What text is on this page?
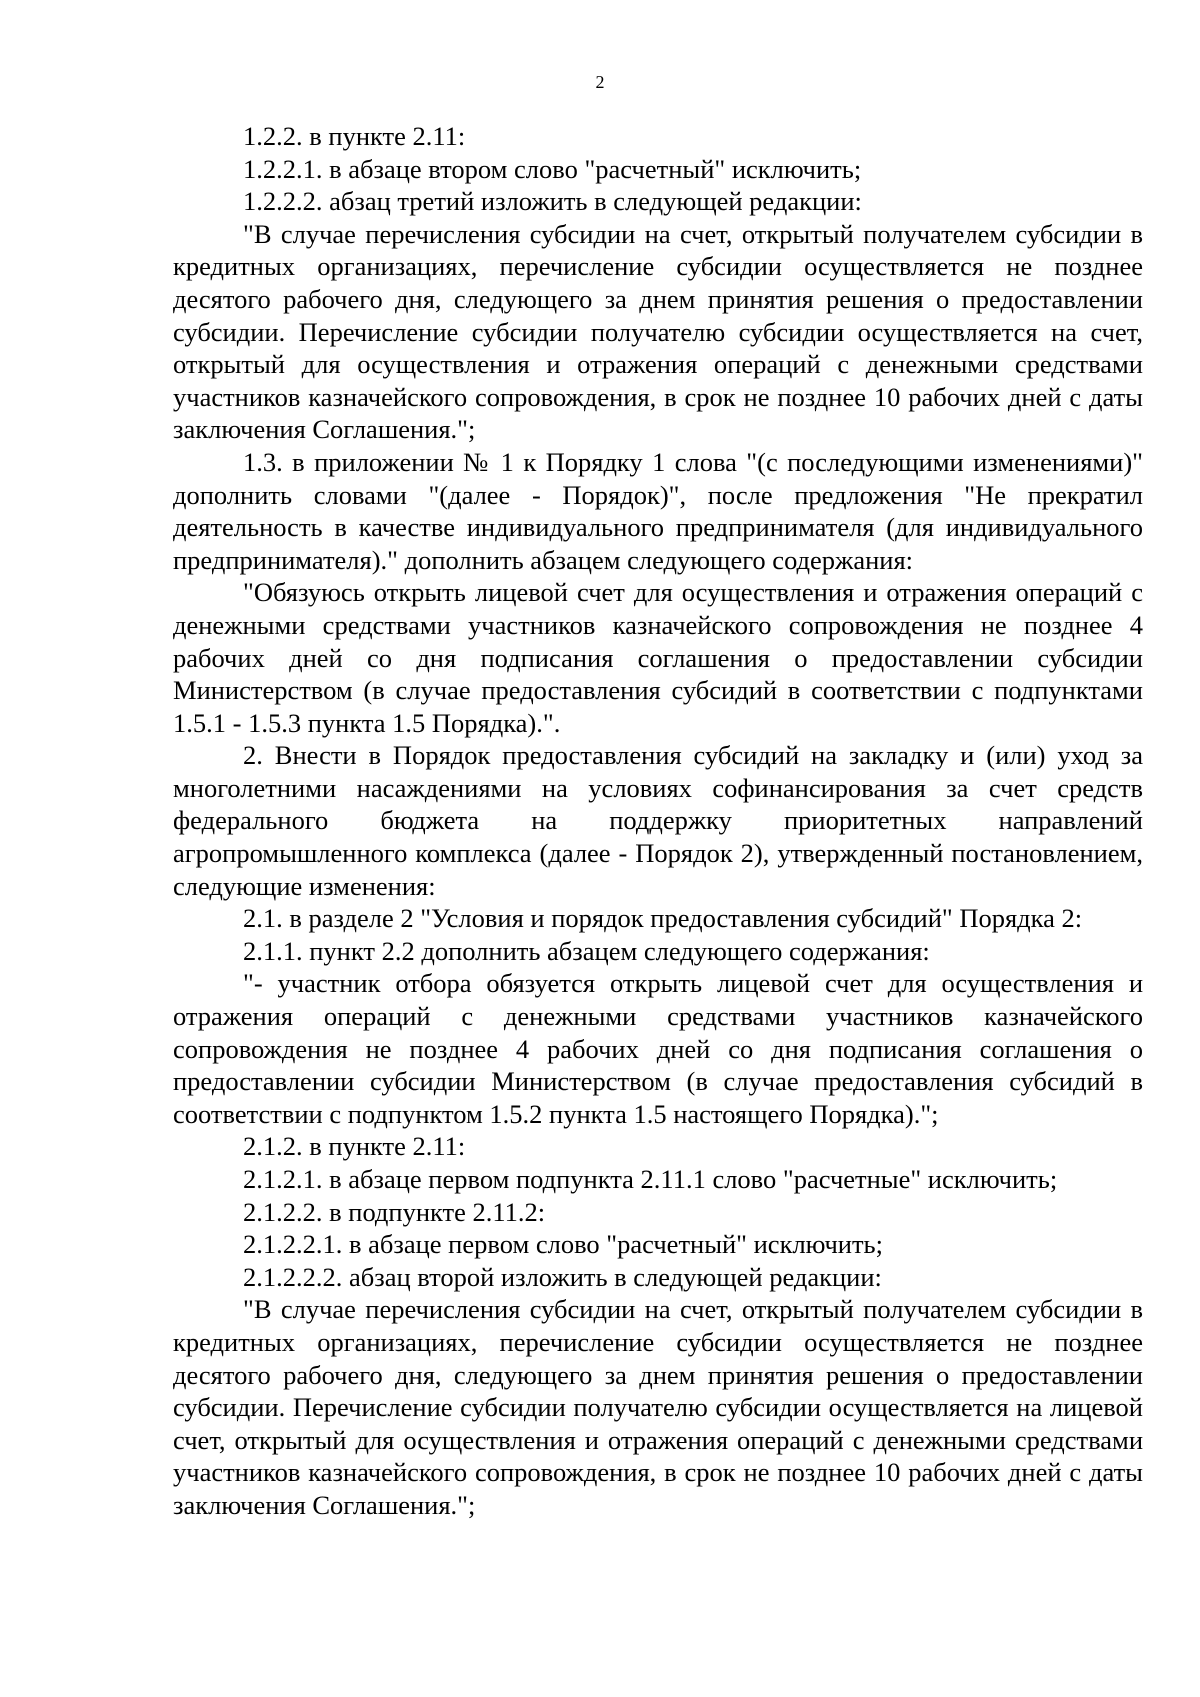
2

1.2.2. в пункте 2.11:

1.2.2.1. в абзаце втором слово "расчетный" исключить;

1.2.2.2. абзац третий изложить в следующей редакции:

"В случае перечисления субсидии на счет, открытый получателем субсидии в кредитных организациях, перечисление субсидии осуществляется не позднее десятого рабочего дня, следующего за днем принятия решения о предоставлении субсидии. Перечисление субсидии получателю субсидии осуществляется на счет, открытый для осуществления и отражения операций с денежными средствами участников казначейского сопровождения, в срок не позднее 10 рабочих дней с даты заключения Соглашения.";

1.3. в приложении № 1 к Порядку 1 слова "(с последующими изменениями)" дополнить словами "(далее - Порядок)", после предложения "Не прекратил деятельность в качестве индивидуального предпринимателя (для индивидуального предпринимателя)." дополнить абзацем следующего содержания:

"Обязуюсь открыть лицевой счет для осуществления и отражения операций с денежными средствами участников казначейского сопровождения не позднее 4 рабочих дней со дня подписания соглашения о предоставлении субсидии Министерством (в случае предоставления субсидий в соответствии с подпунктами 1.5.1 - 1.5.3 пункта 1.5 Порядка).".

2. Внести в Порядок предоставления субсидий на закладку и (или) уход за многолетними насаждениями на условиях софинансирования за счет средств федерального бюджета на поддержку приоритетных направлений агропромышленного комплекса (далее - Порядок 2), утвержденный постановлением, следующие изменения:

2.1. в разделе 2 "Условия и порядок предоставления субсидий" Порядка 2:

2.1.1. пункт 2.2 дополнить абзацем следующего содержания:

"- участник отбора обязуется открыть лицевой счет для осуществления и отражения операций с денежными средствами участников казначейского сопровождения не позднее 4 рабочих дней со дня подписания соглашения о предоставлении субсидии Министерством (в случае предоставления субсидий в соответствии с подпунктом 1.5.2 пункта 1.5 настоящего Порядка).";

2.1.2. в пункте 2.11:

2.1.2.1. в абзаце первом подпункта 2.11.1 слово "расчетные" исключить;

2.1.2.2. в подпункте 2.11.2:

2.1.2.2.1. в абзаце первом слово "расчетный" исключить;

2.1.2.2.2. абзац второй изложить в следующей редакции:

"В случае перечисления субсидии на счет, открытый получателем субсидии в кредитных организациях, перечисление субсидии осуществляется не позднее десятого рабочего дня, следующего за днем принятия решения о предоставлении субсидии. Перечисление субсидии получателю субсидии осуществляется на лицевой счет, открытый для осуществления и отражения операций с денежными средствами участников казначейского сопровождения, в срок не позднее 10 рабочих дней с даты заключения Соглашения.";
